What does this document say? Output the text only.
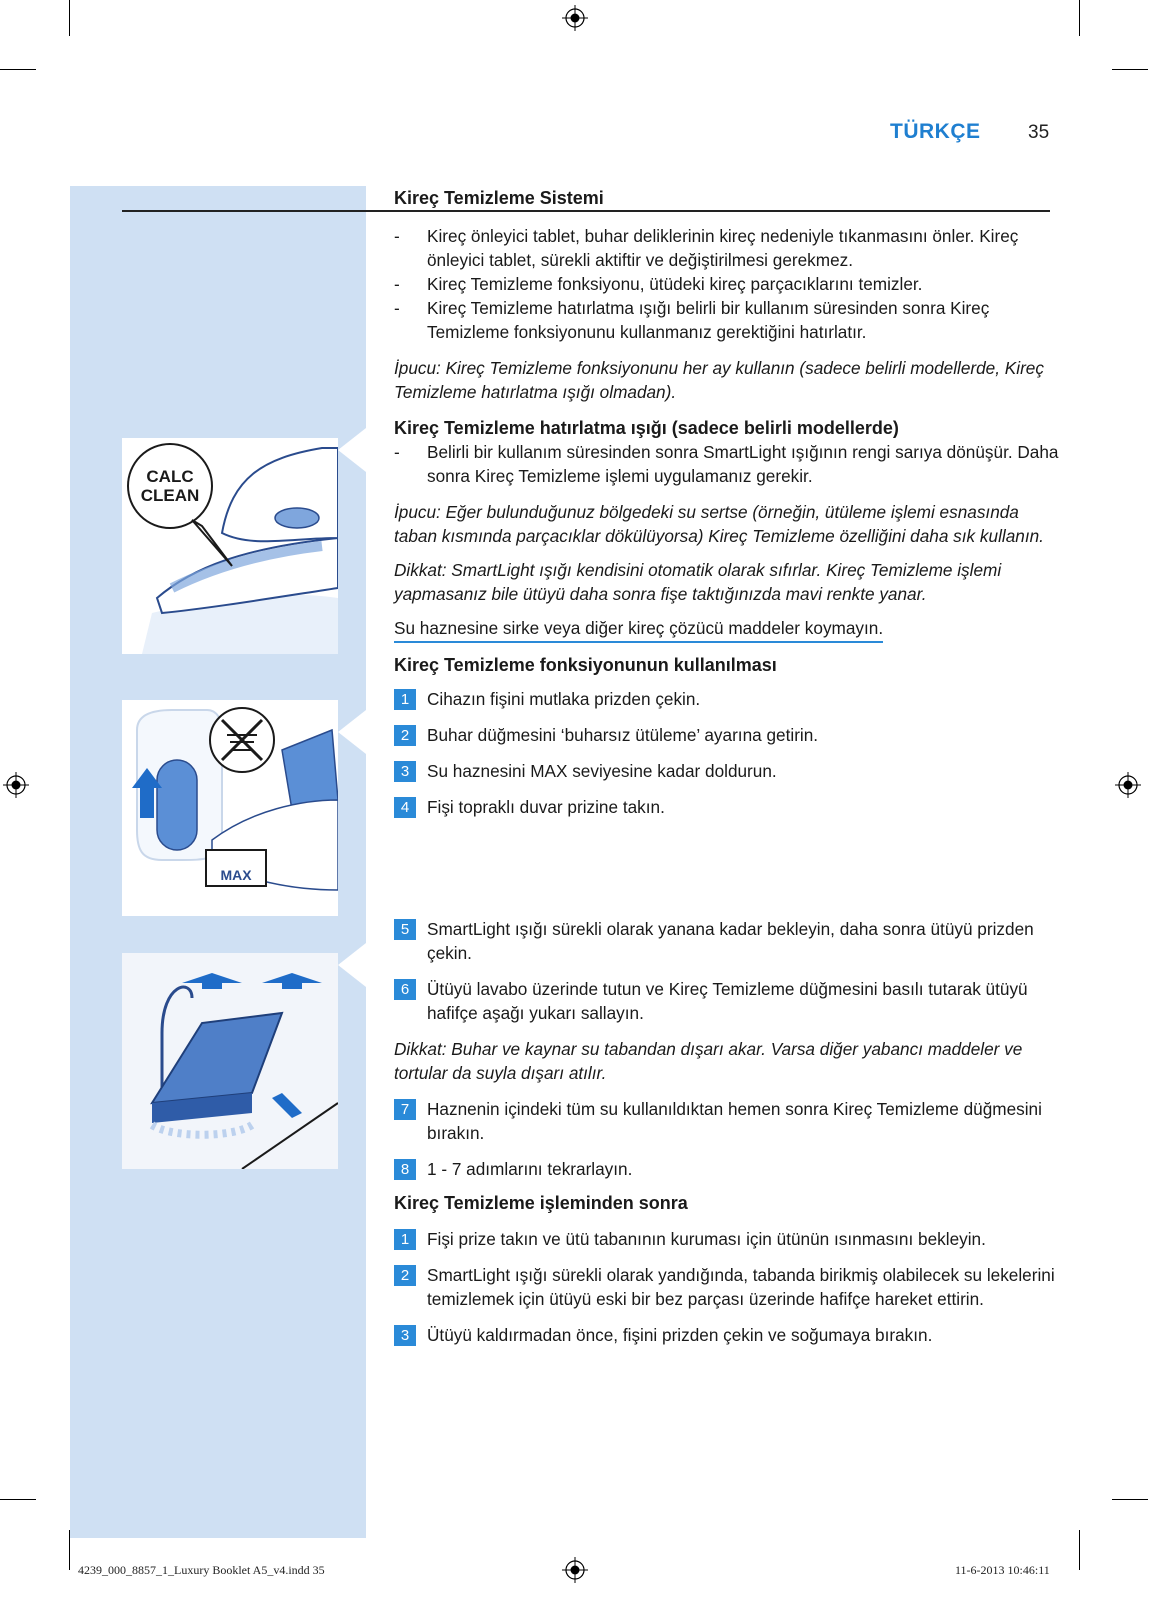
TÜRKÇE	35
CALC
CLEAN
MAX

Kireç Temizleme Sistemi

- Kireç önleyici tablet, buhar deliklerinin kireç nedeniyle tıkanmasını önler. Kireç önleyici tablet, sürekli aktiftir ve değiştirilmesi gerekmez.

- Kireç Temizleme fonksiyonu, ütüdeki kireç parçacıklarını temizler.

- Kireç Temizleme hatırlatma ışığı belirli bir kullanım süresinden sonra Kireç Temizleme fonksiyonunu kullanmanız gerektiğini hatırlatır.

İpucu: Kireç Temizleme fonksiyonunu her ay kullanın (sadece belirli modellerde, Kireç Temizleme hatırlatma ışığı olmadan).

Kireç Temizleme hatırlatma ışığı (sadece belirli modellerde)

- Belirli bir kullanım süresinden sonra SmartLight ışığının rengi sarıya dönüşür. Daha sonra Kireç Temizleme işlemi uygulamanız gerekir.

İpucu: Eğer bulunduğunuz bölgedeki su sertse (örneğin, ütüleme işlemi esnasında taban kısmında parçacıklar dökülüyorsa) Kireç Temizleme özelliğini daha sık kullanın.

Dikkat: SmartLight ışığı kendisini otomatik olarak sıfırlar. Kireç Temizleme işlemi yapmasanız bile ütüyü daha sonra fişe taktığınızda mavi renkte yanar.

Su haznesine sirke veya diğer kireç çözücü maddeler koymayın.

Kireç Temizleme fonksiyonunun kullanılması

1	Cihazın fişini mutlaka prizden çekin.

2	Buhar düğmesini ‘buharsız ütüleme’ ayarına getirin.

3	Su haznesini MAX seviyesine kadar doldurun.

4	Fişi topraklı duvar prizine takın.

5	SmartLight ışığı sürekli olarak yanana kadar bekleyin, daha sonra ütüyü prizden çekin.

6	Ütüyü lavabo üzerinde tutun ve Kireç Temizleme düğmesini basılı tutarak ütüyü hafifçe aşağı yukarı sallayın.

Dikkat: Buhar ve kaynar su tabandan dışarı akar. Varsa diğer yabancı maddeler ve tortular da suyla dışarı atılır.

7	Haznenin içindeki tüm su kullanıldıktan hemen sonra Kireç Temizleme düğmesini bırakın.

8	1 - 7 adımlarını tekrarlayın.

Kireç Temizleme işleminden sonra

1	Fişi prize takın ve ütü tabanının kuruması için ütünün ısınmasını bekleyin.

2	SmartLight ışığı sürekli olarak yandığında, tabanda birikmiş olabilecek su lekelerini temizlemek için ütüyü eski bir bez parçası üzerinde hafifçe hareket ettirin.

3	Ütüyü kaldırmadan önce, fişini prizden çekin ve soğumaya bırakın.

4239_000_8857_1_Luxury Booklet A5_v4.indd 35	11-6-2013 10:46:11
